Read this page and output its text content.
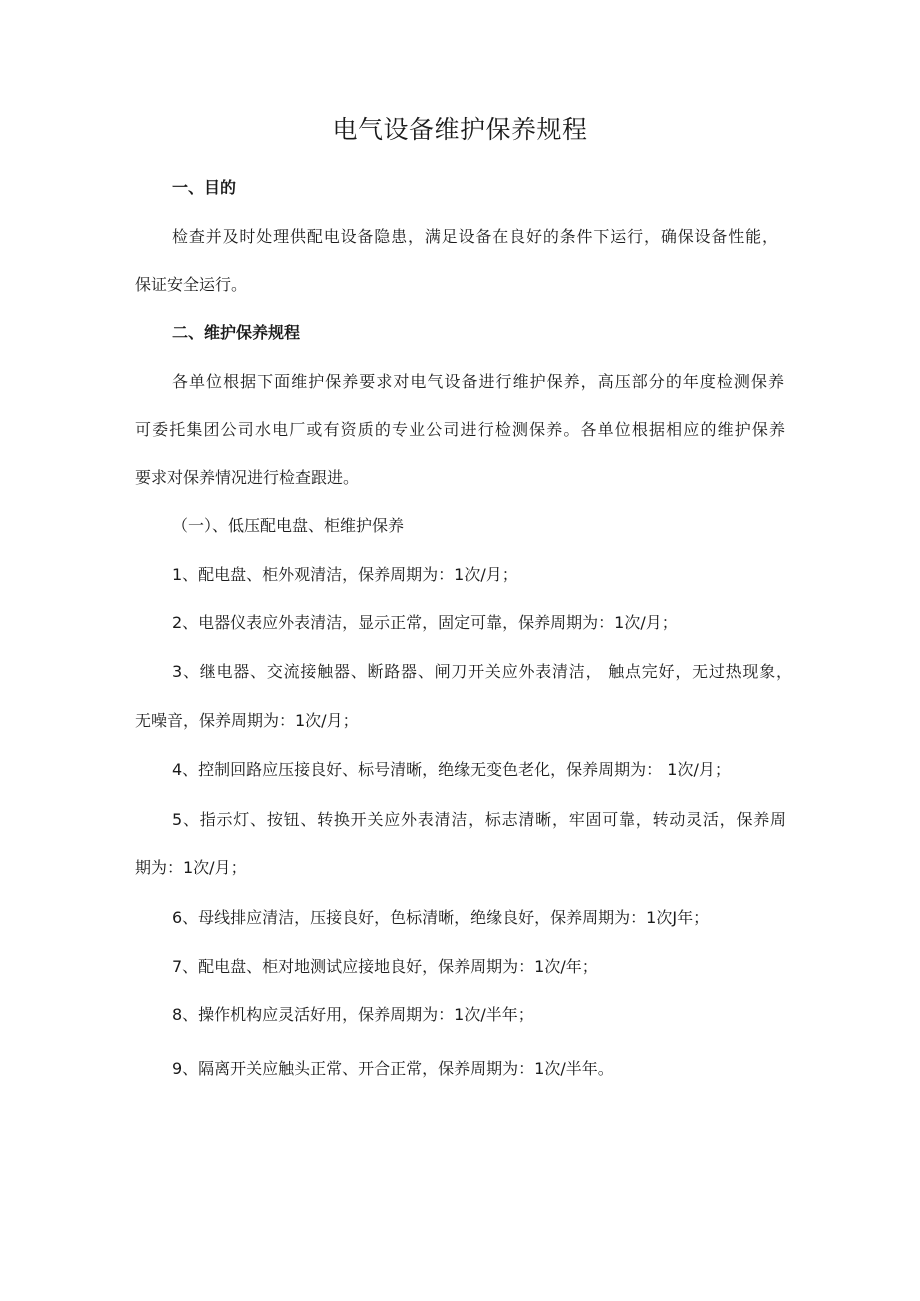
电气设备维护保养规程
一、目的
检查并及时处理供配电设备隐患，满足设备在良好的条件下运行，确保设备性能，
保证安全运行。
二、维护保养规程
各单位根据下面维护保养要求对电气设备进行维护保养，高压部分的年度检测保养
可委托集团公司水电厂或有资质的专业公司进行检测保养。各单位根据相应的维护保养
要求对保养情况进行检查跟进。
（一）、低压配电盘、柜维护保养
1、配电盘、柜外观清洁，保养周期为：1次/月；
2、电器仪表应外表清洁，显示正常，固定可靠，保养周期为：1次/月；
3、继电器、交流接触器、断路器、闸刀开关应外表清洁， 触点完好，无过热现象，
无噪音，保养周期为：1次/月；
4、控制回路应压接良好、标号清晰，绝缘无变色老化，保养周期为： 1次/月；
5、指示灯、按钮、转换开关应外表清洁，标志清晰，牢固可靠，转动灵活，保养周
期为：1次/月；
6、母线排应清洁，压接良好，色标清晰，绝缘良好，保养周期为：1次J年；
7、配电盘、柜对地测试应接地良好，保养周期为：1次/年；
8、操作机构应灵活好用，保养周期为：1次/半年；
9、隔离开关应触头正常、开合正常，保养周期为：1次/半年。
